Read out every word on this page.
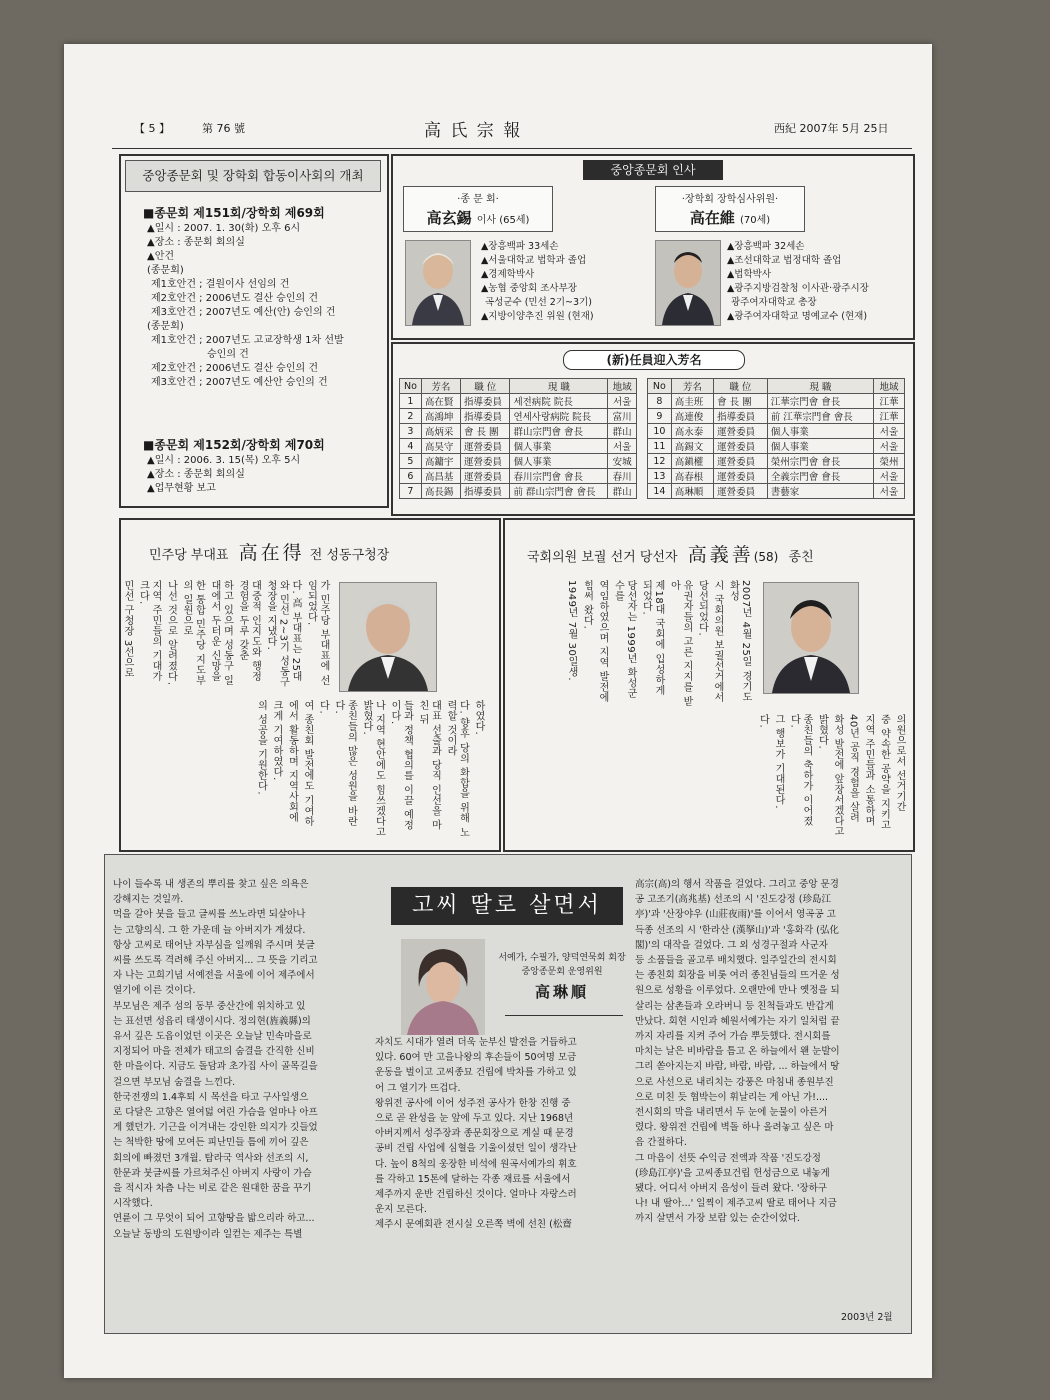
【 5 】	第 76 號	高 氏 宗 報	西紀 2007年 5月 25日
중앙종문회 및 장학회 합동이사회의 개최
■종문회 제151회/장학회 제69회
▲일시 : 2007. 1. 30(화) 오후 6시
▲장소 : 종문회 회의실
▲안건
(종문회)
제1호안건 ; 결원이사 선임의 건
제2호안건 ; 2006년도 결산 승인의 건
제3호안건 ; 2007년도 예산(안) 승인의 건
(종문회)
제1호안건 ; 2007년도 고교장학생 1차 선발
승인의 건
제2호안건 ; 2006년도 결산 승인의 건
제3호안건 ; 2007년도 예산안 승인의 건
■종문회 제152회/장학회 제70회
▲일시 : 2006. 3. 15(목) 오후 5시
▲장소 : 종문회 회의실
▲업무현황 보고
중앙종문회 인사
·종 문 회·
高玄錫 이사 (65세)
▲장흥백파 33세손
▲서울대학교 법학과 졸업
▲경제학박사
▲농협 중앙회 조사부장
곡성군수 (민선 2기~3기)
▲지방이양추진 위원 (현재)
·장학회 장학심사위원·
高在維 (70세)
▲장흥백파 32세손
▲조선대학교 법정대학 졸업
▲법학박사
▲광주지방검찰청 이사관·광주시장
광주여자대학교 총장
▲광주여자대학교 명예교수 (현재)
(新)任員迎入芳名
No	芳名	職 位	現 職	地域
1	高在賢	指導委員	세전病院 院長	서울
2	高鴻坤	指導委員	연세사랑病院 院長	富川
3	高炳采	會 長 團	群山宗門會 會長	群山
4	高昊守	運營委員	個人事業	서울
5	高鏞宇	運營委員	個人事業	安城
6	高昌基	運營委員	春川宗門會 會長	春川
7	高長錫	指導委員	前 群山宗門會 會長	群山
No	芳名	職 位	現 職	地域
8	高圭班	會 長 團	江華宗門會 會長	江華
9	高連俊	指導委員	前 江華宗門會 會長	江華
10	高永泰	運營委員	個人事業	서울
11	高錫文	運營委員	個人事業	서울
12	高鎭權	運營委員	榮州宗門會 會長	榮州
13	高春根	運營委員	全義宗門會 會長	서울
14	高琳順	運營委員	書藝家	서울
민주당 부대표 高在得 전 성동구청장
가 민주당 부대표에 선임되었다.
다. 高 부대표는 25대와 민선 2~3기 성동구청장을 지냈다.
대중적 인지도와 행정 경험을 두루 갖춘
하고 있으며 성동구 일대에서 두터운 신망을
한 통합 민주당 지도부의 일원으로
나선 것으로 알려졌다.
지역 주민들의 기대가 크다.
민선 구청장 3선으로
하였다.
다. 향후 당의 화합을 위해 노력할 것이라
대표 선출과 당직 인선을 마친 뒤
들과 정책 협의를 이끌 예정이다.
나 지역 현안에도 힘쓰겠다고 밝혔다.
종친들의 많은 성원을 바란다.
다.
여 종친회 발전에도 기여하
에서 활동하며 지역사회에
크게 기여하였다.
의 성공을 기원한다.
국회의원 보궐 선거 당선자 高義善(58) 종친
2007년 4월 25일 경기도 화성
시 국회의원 보궐선거에서
당선되었다.
유권자들의 고른 지지를 받아
제18대 국회에 입성하게 되었다.
당선자는 1999년 화성군수를
역임하였으며 지역 발전에
힘써 왔다.
1949년 7월 30일생.
의원으로서 선거기간
중 약속한 공약을 지키고
지역 주민들과 소통하며
40년 공직 경험을 살려
화성 발전에 앞장서겠다고
밝혔다.
종친들의 축하가 이어졌다.
그 행보가 기대된다.
다.
나이 들수록 내 생존의 뿌리를 찾고 싶은 의욕은
강해지는 것일까.
먹을 갈아 붓을 들고 글씨를 쓰노라면 되살아나
는 고향의식. 그 한 가운데 늘 아버지가 계셨다.
항상 고씨로 태어난 자부심을 일깨워 주시며 붓글
씨를 쓰도록 격려해 주신 아버지... 그 뜻을 기리고
자 나는 고희기념 서예전을 서울에 이어 제주에서
열기에 이른 것이다.
부모님은 제주 섬의 동부 중산간에 위치하고 있
는 표선면 성읍리 태생이시다. 정의현(旌義縣)의
유서 깊은 도읍이었던 이곳은 오늘날 민속마을로
지정되어 마을 전체가 태고의 숨결을 간직한 신비
한 마을이다. 지금도 돌담과 초가집 사이 골목길을
걸으면 부모님 숨결을 느낀다.
한국전쟁의 1.4후퇴 시 목선을 타고 구사일생으
로 다달은 고향은 열여덟 여린 가슴을 얼마나 아프
게 했던가. 기근을 이겨내는 강인한 의지가 깃들었
는 척박한 땅에 모여든 피난민들 틈에 끼어 깊은
회의에 빠졌던 3개월. 탐라국 역사와 선조의 시,
한문과 붓글씨를 가르쳐주신 아버지 사랑이 가슴
을 적시자 차츰 나는 비로 같은 원대한 꿈을 꾸기
시작했다.
연륜이 그 무엇이 되어 고향땅을 밟으리라 하고...
오늘날 동방의 도원방이라 일컫는 제주는 특별
고씨 딸로 살면서
서예가, 수필가, 양덕연묵회 회장
중앙종문회 운영위원
高琳順
자치도 시대가 열려 더욱 눈부신 발전을 거듭하고
있다. 60여 만 고을나왕의 후손들이 50여명 모금
운동을 벌이고 고씨종묘 건립에 박차를 가하고 있
어 그 열기가 뜨겁다.
왕위전 공사에 이어 성주전 공사가 한창 진행 중
으로 곧 완성을 눈 앞에 두고 있다. 지난 1968년
아버지께서 성주장과 종문회장으로 계실 때 문경
공비 건립 사업에 심혈을 기울이셨던 일이 생각난
다. 높이 8척의 웅장한 비석에 원곡서예가의 휘호
를 각하고 15톤에 달하는 각종 재료를 서울에서
제주까지 운반 건립하신 것이다. 얼마나 자랑스러
운지 모른다.
제주시 문예회관 전시실 오른쪽 벽에 선친 (松齋
高宗(高)의 행서 작품을 걸었다. 그리고 중앙 문경
공 고조기(高兆基) 선조의 시 '진도강정 (珍島江
亭)'과 '산장야우 (山莊夜雨)'를 이어서 영곡공 고
득종 선조의 시 '한라산 (漢拏山)'과 '홍화각 (弘化
閣)'의 대작을 걸었다. 그 외 성경구절과 사군자
등 소품들을 골고루 배치했다. 일주일간의 전시회
는 종친회 회장을 비롯 여러 종친님들의 뜨거운 성
원으로 성황을 이루었다. 오랜만에 만나 옛정을 되
살리는 삼촌들과 오라버니 등 친척들과도 반갑게
만났다. 회현 시인과 혜원서예가는 자기 일처럼 끝
까지 자리를 지켜 주어 가슴 뿌듯했다. 전시회를
마치는 날은 비바람을 틈고 온 하늘에서 왠 눈발이
그리 쏟아지는지 바람, 바람, 바람, ... 하늘에서 땅
으로 사선으로 내리치는 강풍은 마침내 종원부진
으로 미친 듯 협박는이 휘날리는 게 아닌 가!....
전시회의 막을 내리면서 두 눈에 눈물이 아른거
렸다. 왕위전 건립에 벽돌 하나 올려놓고 싶은 마
음 간절하다.
그 마음이 선뜻 수익금 전액과 작품 '진도강정
(珍島江亭)'을 고씨종묘건립 헌성금으로 내놓게
됐다. 어디서 아버지 음성이 들려 왔다. '장하구
나! 내 딸아...' 일찍이 제주고씨 딸로 태어나 지금
까지 살면서 가장 보람 있는 순간이었다.
2003년 2월
